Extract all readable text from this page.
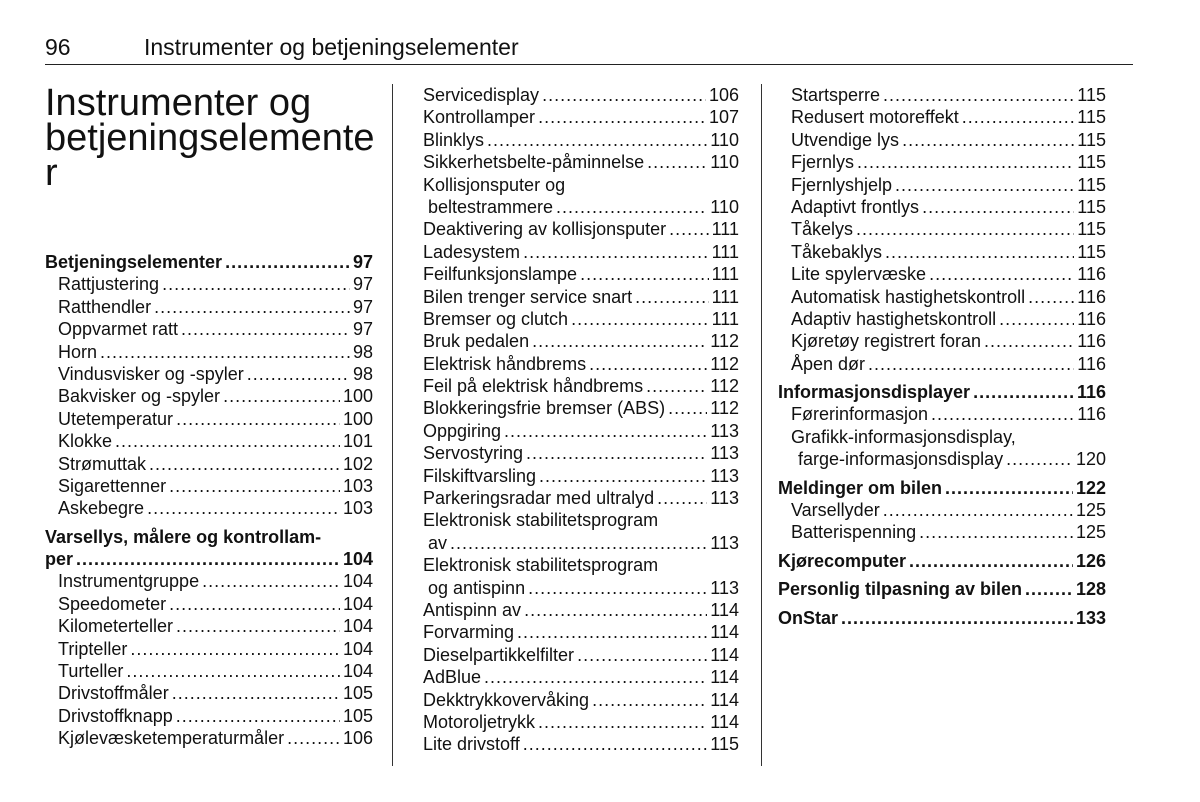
96	Instrumenter og betjeningselementer
Instrumenter og
betjeningselemente
r
Betjeningselementer .....	97
Rattjustering .....	97
Ratthendler .....	97
Oppvarmet ratt .....	97
Horn .....	98
Vindusvisker og -spyler .....	98
Bakvisker og -spyler .....	100
Utetemperatur .....	100
Klokke .....	101
Strømuttak .....	102
Sigarettenner .....	103
Askebegre .....	103
Varsellys, målere og kontrollam-
per .....	104
Instrumentgruppe .....	104
Speedometer .....	104
Kilometerteller .....	104
Tripteller .....	104
Turteller .....	104
Drivstoffmåler .....	105
Drivstoffknapp .....	105
Kjølevæsketemperaturmåler .....	106
Servicedisplay .....	106
Kontrollamper .....	107
Blinklys .....	110
Sikkerhetsbelte-påminnelse .....	110
Kollisjonsputer og
beltestrammere .....	110
Deaktivering av kollisjonsputer .....	111
Ladesystem .....	111
Feilfunksjonslampe .....	111
Bilen trenger service snart .....	111
Bremser og clutch .....	111
Bruk pedalen .....	112
Elektrisk håndbrems .....	112
Feil på elektrisk håndbrems .....	112
Blokkeringsfrie bremser (ABS) .....	112
Oppgiring .....	113
Servostyring .....	113
Filskiftvarsling .....	113
Parkeringsradar med ultralyd .....	113
Elektronisk stabilitetsprogram
av .....	113
Elektronisk stabilitetsprogram
og antispinn .....	113
Antispinn av .....	114
Forvarming .....	114
Dieselpartikkelfilter .....	114
AdBlue .....	114
Dekktrykkovervåking .....	114
Motoroljetrykk .....	114
Lite drivstoff .....	115
Startsperre .....	115
Redusert motoreffekt .....	115
Utvendige lys .....	115
Fjernlys .....	115
Fjernlyshjelp .....	115
Adaptivt frontlys .....	115
Tåkelys .....	115
Tåkebaklys .....	115
Lite spylervæske .....	116
Automatisk hastighetskontroll .....	116
Adaptiv hastighetskontroll .....	116
Kjøretøy registrert foran .....	116
Åpen dør .....	116
Informasjonsdisplayer .....	116
Førerinformasjon .....	116
Grafikk-informasjonsdisplay,
farge-informasjonsdisplay .....	120
Meldinger om bilen .....	122
Varsellyder .....	125
Batterispenning .....	125
Kjørecomputer .....	126
Personlig tilpasning av bilen .....	128
OnStar .....	133
